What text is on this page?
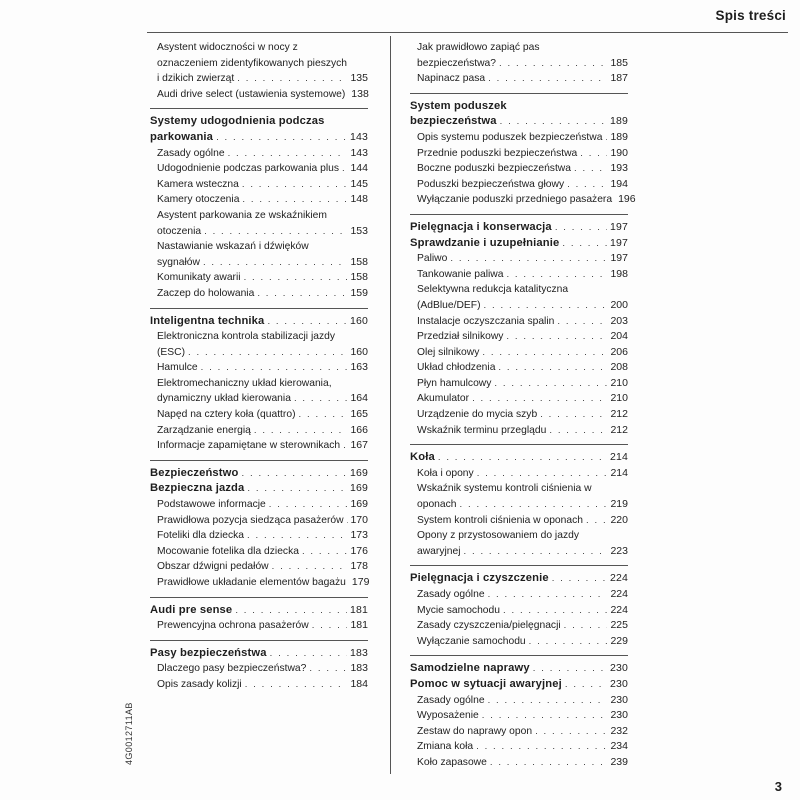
Spis treści
Asystent widoczności w nocy z
oznaczeniem zidentyfikowanych pieszych
i dzikich zwierząt . . .	135
Audi drive select (ustawienia systemowe) 138
Systemy udogodnienia podczas
parkowania . . .	143
Zasady ogólne . . .	143
Udogodnienie podczas parkowania plus . . . 144
Kamera wsteczna . . .	145
Kamery otoczenia . . .	148
Asystent parkowania ze wskaźnikiem
otoczenia . . .	153
Nastawianie wskazań i dźwięków
sygnałów . . .	158
Komunikaty awarii . . .	158
Zaczep do holowania . . .	159
Inteligentna technika . . .	160
Elektroniczna kontrola stabilizacji jazdy
(ESC) . . .	160
Hamulce . . .	163
Elektromechaniczny układ kierowania,
dynamiczny układ kierowania . . .	164
Napęd na cztery koła (quattro) . . .	165
Zarządzanie energią . . .	166
Informacje zapamiętane w sterownikach . . . 167
Bezpieczeństwo . . .	169
Bezpieczna jazda . . .	169
Podstawowe informacje . . .	169
Prawidłowa pozycja siedząca pasażerów . . . 170
Foteliki dla dziecka . . .	173
Mocowanie fotelika dla dziecka . . .	176
Obszar dźwigni pedałów . . .	178
Prawidłowe układanie elementów bagażu 179
Audi pre sense . . .	181
Prewencyjna ochrona pasażerów . . .	181
Pasy bezpieczeństwa . . .	183
Dlaczego pasy bezpieczeństwa? . . .	183
Opis zasady kolizji . . .	184
Jak prawidłowo zapiąć pas
bezpieczeństwa? . . .	185
Napinacz pasa . . .	187
System poduszek
bezpieczeństwa . . .	189
Opis systemu poduszek bezpieczeństwa . . . 189
Przednie poduszki bezpieczeństwa . . .	190
Boczne poduszki bezpieczeństwa . . .	193
Poduszki bezpieczeństwa głowy . . .	194
Wyłączanie poduszki przedniego pasażera 196
Pielęgnacja i konserwacja . . .	197
Sprawdzanie i uzupełnianie . . .	197
Paliwo . . .	197
Tankowanie paliwa . . .	198
Selektywna redukcja katalityczna
(AdBlue/DEF) . . .	200
Instalacje oczyszczania spalin . . .	203
Przedział silnikowy . . .	204
Olej silnikowy . . .	206
Układ chłodzenia . . .	208
Płyn hamulcowy . . .	210
Akumulator . . .	210
Urządzenie do mycia szyb . . .	212
Wskaźnik terminu przeglądu . . .	212
Koła . . .	214
Koła i opony . . .	214
Wskaźnik systemu kontroli ciśnienia w
oponach . . .	219
System kontroli ciśnienia w oponach . . .	220
Opony z przystosowaniem do jazdy
awaryjnej . . .	223
Pielęgnacja i czyszczenie . . .	224
Zasady ogólne . . .	224
Mycie samochodu . . .	224
Zasady czyszczenia/pielęgnacji . . .	225
Wyłączanie samochodu . . .	229
Samodzielne naprawy . . .	230
Pomoc w sytuacji awaryjnej . . .	230
Zasady ogólne . . .	230
Wyposażenie . . .	230
Zestaw do naprawy opon . . .	232
Zmiana koła . . .	234
Koło zapasowe . . .	239
4G0012711AB
3
